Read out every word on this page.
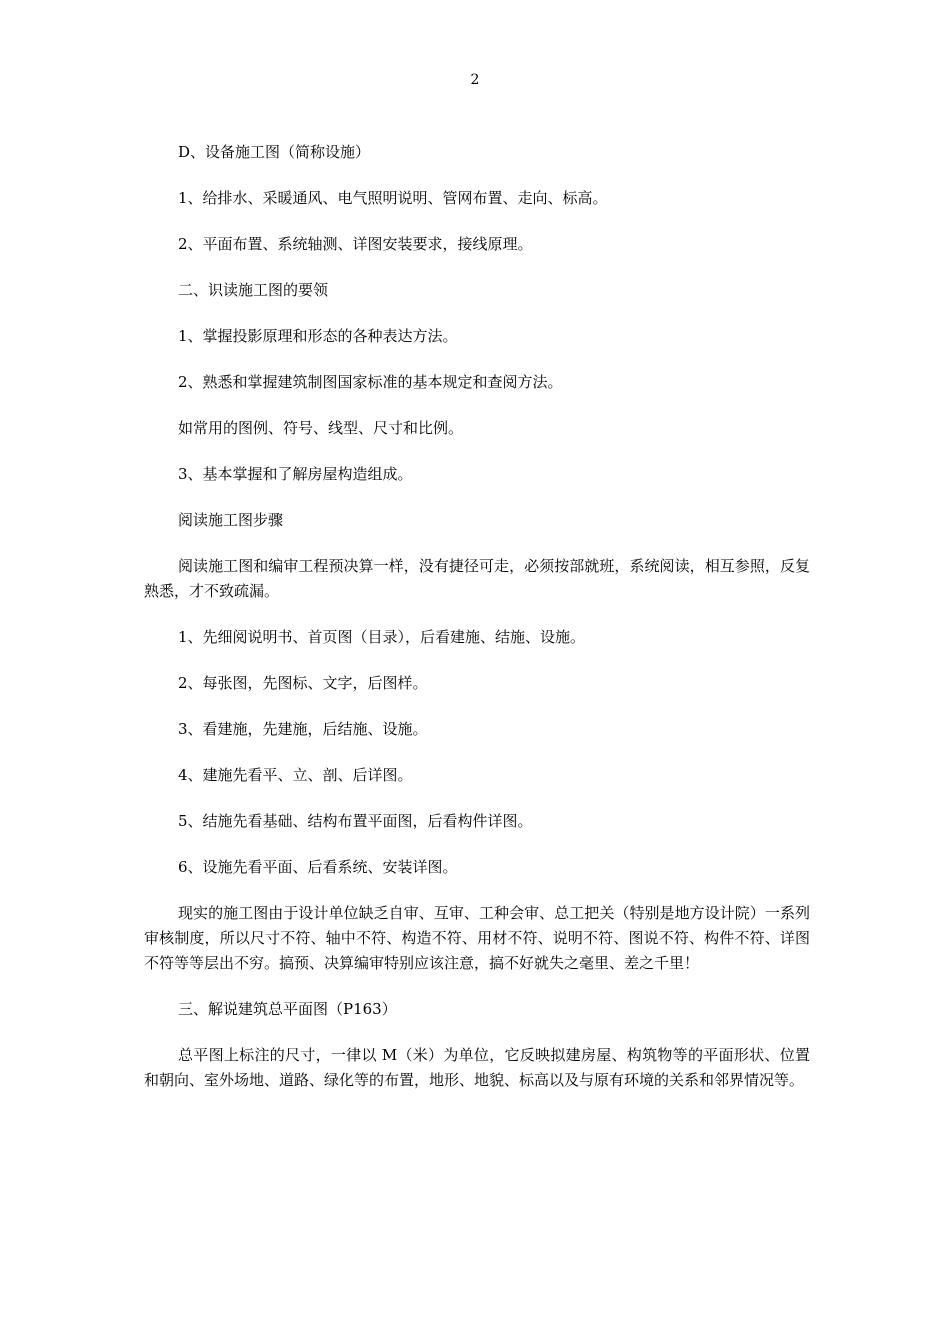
2

D、设备施工图（简称设施）

1、给排水、采暖通风、电气照明说明、管网布置、走向、标高。

2、平面布置、系统轴测、详图安装要求，接线原理。

二、识读施工图的要领

1、掌握投影原理和形态的各种表达方法。

2、熟悉和掌握建筑制图国家标准的基本规定和查阅方法。

如常用的图例、符号、线型、尺寸和比例。

3、基本掌握和了解房屋构造组成。

阅读施工图步骤

阅读施工图和编审工程预决算一样，没有捷径可走，必须按部就班，系统阅读，相互参照，反复熟悉，才不致疏漏。

1、先细阅说明书、首页图（目录），后看建施、结施、设施。

2、每张图，先图标、文字，后图样。

3、看建施，先建施，后结施、设施。

4、建施先看平、立、剖、后详图。

5、结施先看基础、结构布置平面图，后看构件详图。

6、设施先看平面、后看系统、安装详图。

现实的施工图由于设计单位缺乏自审、互审、工种会审、总工把关（特别是地方设计院）一系列审核制度，所以尺寸不符、轴中不符、构造不符、用材不符、说明不符、图说不符、构件不符、详图不符等等层出不穷。搞预、决算编审特别应该注意，搞不好就失之毫里、差之千里！

三、解说建筑总平面图（P163）

总平图上标注的尺寸，一律以 M（米）为单位，它反映拟建房屋、构筑物等的平面形状、位置和朝向、室外场地、道路、绿化等的布置，地形、地貌、标高以及与原有环境的关系和邻界情况等。
